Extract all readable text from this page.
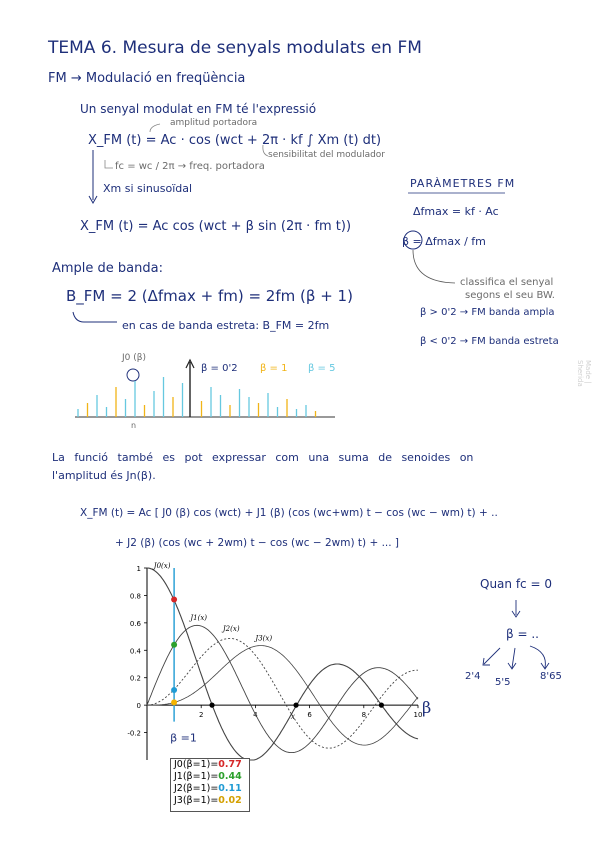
TEMA 6. Mesura de senyals modulats en FM
FM → Modulació en freqüència
Un senyal modulat en FM té l'expressió
amplitud portadora
X_FM (t) = Ac · cos (wct + 2π · kf ∫ Xm (t) dt)
sensibilitat del modulador
fc = wc / 2π → freq. portadora
Xm si sinusoïdal
X_FM (t) = Ac cos (wct + β sin (2π · fm t))
PARÀMETRES FM
Δfmax = kf · Ac
β = Δfmax / fm
classifica el senyal
segons el seu BW.
β > 0'2 → FM banda ampla
β < 0'2 → FM banda estreta
Ample de banda:
B_FM = 2 (Δfmax + fm) = 2fm (β + 1)
en cas de banda estreta: B_FM = 2fm
J0 (β)
n
β = 0'2 β = 1 β = 5
La funció també es pot expressar com una suma de senoides on
l'amplitud és Jn(β).
X_FM (t) = Ac [ J0 (β) cos (wct) + J1 (β) (cos (wc+wm) t − cos (wc − wm) t) + ..
+ J2 (β) (cos (wc + 2wm) t − cos (wc − 2wm) t) + ... ]
Quan fc = 0
β = ..
2'4
5'5
8'65
Made | Sherida
-0.2
0
0.2
0.4
0.6
0.8
1
2	4	6	8	10
x	β
J0(x)
J1(x)
J2(x)
J3(x)
β =1
J0(β=1)=0.77
J1(β=1)=0.44
J2(β=1)=0.11
J3(β=1)=0.02
